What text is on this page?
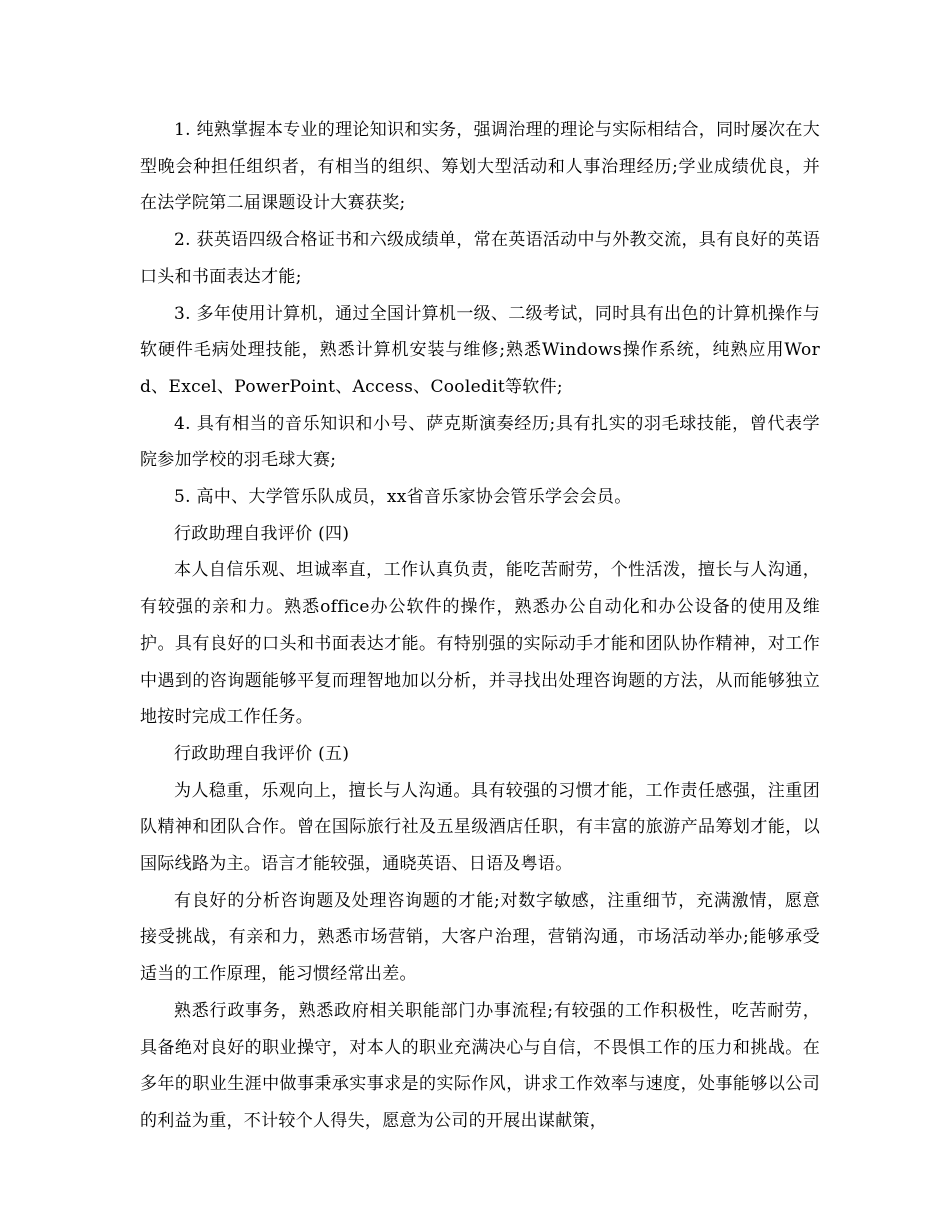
1. 纯熟掌握本专业的理论知识和实务，强调治理的理论与实际相结合，同时屡次在大型晚会种担任组织者，有相当的组织、筹划大型活动和人事治理经历;学业成绩优良，并在法学院第二届课题设计大赛获奖;

2. 获英语四级合格证书和六级成绩单，常在英语活动中与外教交流，具有良好的英语口头和书面表达才能;

3. 多年使用计算机，通过全国计算机一级、二级考试，同时具有出色的计算机操作与软硬件毛病处理技能，熟悉计算机安装与维修;熟悉Windows操作系统，纯熟应用Word、Excel、PowerPoint、Access、Cooledit等软件;

4. 具有相当的音乐知识和小号、萨克斯演奏经历;具有扎实的羽毛球技能，曾代表学院参加学校的羽毛球大赛;

5. 高中、大学管乐队成员，xx省音乐家协会管乐学会会员。

行政助理自我评价 (四)

本人自信乐观、坦诚率直，工作认真负责，能吃苦耐劳，个性活泼，擅长与人沟通，有较强的亲和力。熟悉office办公软件的操作，熟悉办公自动化和办公设备的使用及维护。具有良好的口头和书面表达才能。有特别强的实际动手才能和团队协作精神，对工作中遇到的咨询题能够平复而理智地加以分析，并寻找出处理咨询题的方法，从而能够独立地按时完成工作任务。

行政助理自我评价 (五)

为人稳重，乐观向上，擅长与人沟通。具有较强的习惯才能，工作责任感强，注重团队精神和团队合作。曾在国际旅行社及五星级酒店任职，有丰富的旅游产品筹划才能，以国际线路为主。语言才能较强，通晓英语、日语及粤语。

有良好的分析咨询题及处理咨询题的才能;对数字敏感，注重细节，充满激情，愿意接受挑战，有亲和力，熟悉市场营销，大客户治理，营销沟通，市场活动举办;能够承受适当的工作原理，能习惯经常出差。

熟悉行政事务，熟悉政府相关职能部门办事流程;有较强的工作积极性，吃苦耐劳，具备绝对良好的职业操守，对本人的职业充满决心与自信，不畏惧工作的压力和挑战。在多年的职业生涯中做事秉承实事求是的实际作风，讲求工作效率与速度，处事能够以公司的利益为重，不计较个人得失，愿意为公司的开展出谋献策，
